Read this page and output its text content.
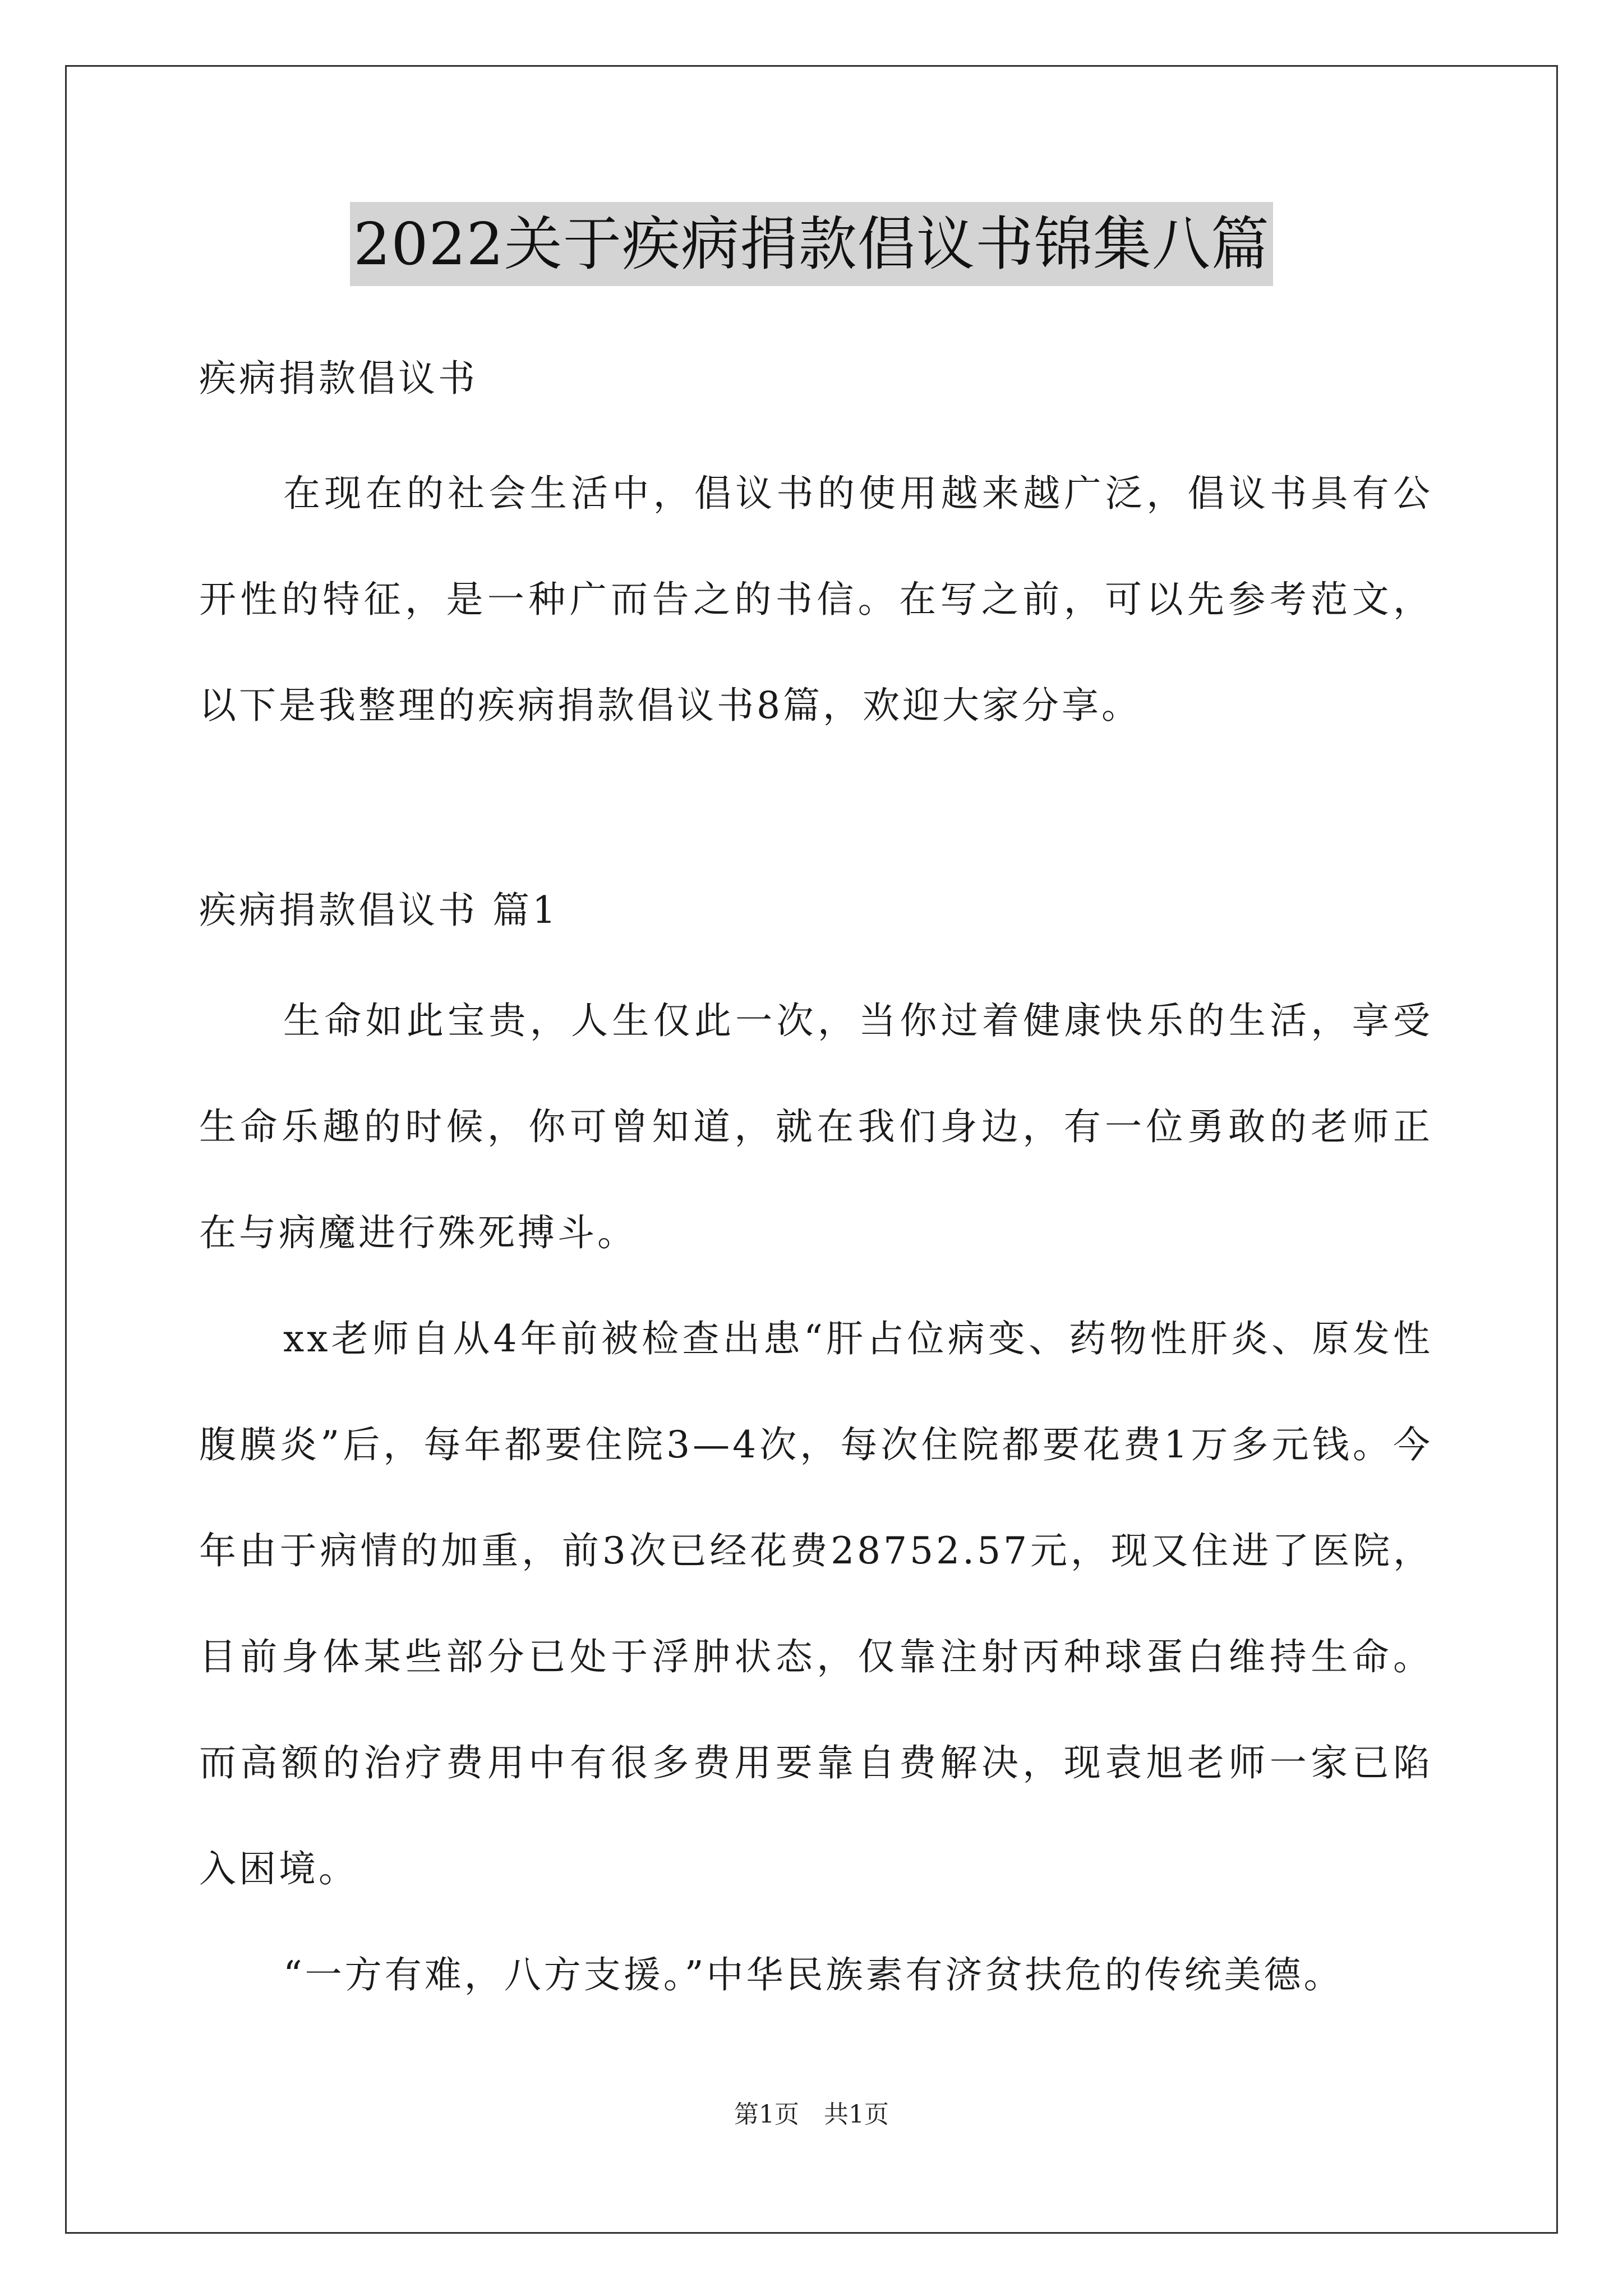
2022关于疾病捐款倡议书锦集八篇
疾病捐款倡议书
在现在的社会生活中，倡议书的使用越来越广泛，倡议书具有公开性的特征，是一种广而告之的书信。在写之前，可以先参考范文，以下是我整理的疾病捐款倡议书8篇，欢迎大家分享。
疾病捐款倡议书 篇1
生命如此宝贵，人生仅此一次，当你过着健康快乐的生活，享受生命乐趣的时候，你可曾知道，就在我们身边，有一位勇敢的老师正在与病魔进行殊死搏斗。
xx老师自从4年前被检查出患“肝占位病变、药物性肝炎、原发性腹膜炎”后，每年都要住院3—4次，每次住院都要花费1万多元钱。今年由于病情的加重，前3次已经花费28752.57元，现又住进了医院，目前身体某些部分已处于浮肿状态，仅靠注射丙种球蛋白维持生命。而高额的治疗费用中有很多费用要靠自费解决，现袁旭老师一家已陷入困境。
“一方有难，八方支援。”中华民族素有济贫扶危的传统美德。
第1页　共1页
